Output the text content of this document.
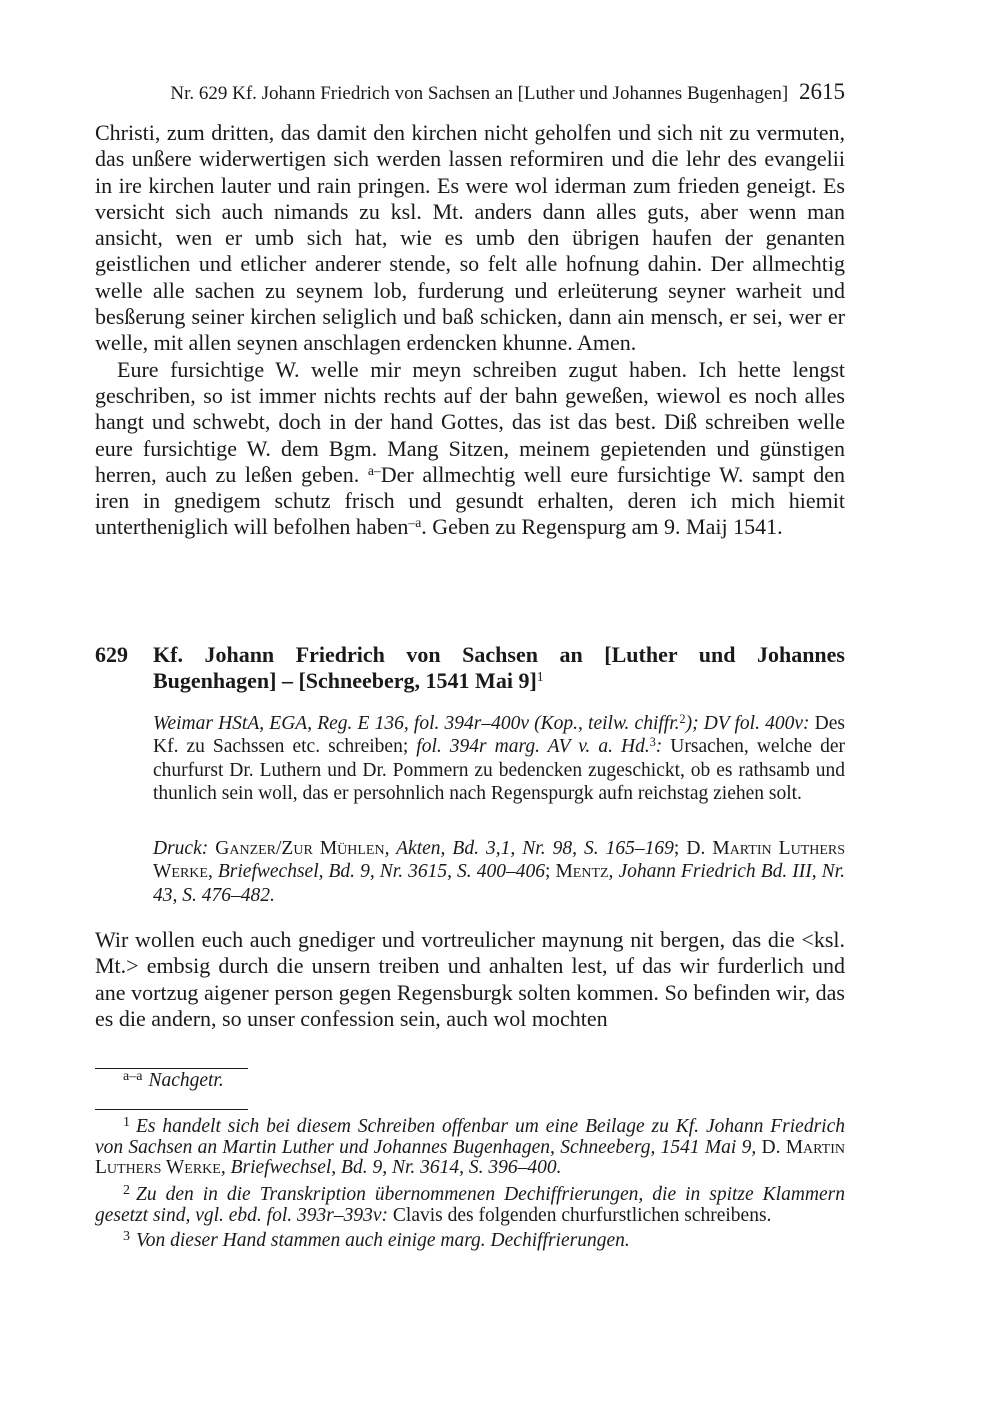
Nr. 629 Kf. Johann Friedrich von Sachsen an [Luther und Johannes Bugenhagen] 2615

Christi, zum dritten, das damit den kirchen nicht geholfen und sich nit zu vermuten, das unßere widerwertigen sich werden lassen reformiren und die lehr des evangelii in ire kirchen lauter und rain pringen. Es were wol iderman zum frieden geneigt. Es versicht sich auch nimands zu ksl. Mt. anders dann alles guts, aber wenn man ansicht, wen er umb sich hat, wie es umb den übrigen haufen der genanten geistlichen und etlicher anderer stende, so felt alle hofnung dahin. Der allmechtig welle alle sachen zu seynem lob, furderung und erleüterung seyner warheit und besßerung seiner kirchen seliglich und baß schicken, dann ain mensch, er sei, wer er welle, mit allen seynen anschlagen erdencken khunne. Amen.

Eure fursichtige W. welle mir meyn schreiben zugut haben. Ich hette lengst geschriben, so ist immer nichts rechts auf der bahn geweßen, wiewol es noch alles hangt und schwebt, doch in der hand Gottes, das ist das best. Diß schreiben welle eure fursichtige W. dem Bgm. Mang Sitzen, meinem gepietenden und günstigen herren, auch zu leßen geben. $^{a-}$Der allmechtig well eure fursichtige W. sampt den iren in gnedigem schutz frisch und gesundt erhalten, deren ich mich hiemit untertheniglich will befolhen haben$^{-a}$. Geben zu Regenspurg am 9. Maij 1541.

629	Kf. Johann Friedrich von Sachsen an [Luther und Johannes Bugenhagen] – [Schneeberg, 1541 Mai 9]$^1$

Weimar HStA, EGA, Reg. E 136, fol. 394r–400v (Kop., teilw. chiffr.$^2$); DV fol. 400v: Des Kf. zu Sachssen etc. schreiben; fol. 394r marg. AV v. a. Hd.$^3$: Ursachen, welche der churfurst Dr. Luthern und Dr. Pommern zu bedencken zugeschickt, ob es rathsamb und thunlich sein woll, das er persohnlich nach Regenspurgk aufn reichstag ziehen solt.

Druck: Ganzer/Zur Mühlen, Akten, Bd. 3,1, Nr. 98, S. 165–169; D. Martin Luthers Werke, Briefwechsel, Bd. 9, Nr. 3615, S. 400–406; Mentz, Johann Friedrich Bd. III, Nr. 43, S. 476–482.

Wir wollen euch auch gnediger und vortreulicher maynung nit bergen, das die <ksl. Mt.> embsig durch die unsern treiben und anhalten lest, uf das wir furderlich und ane vortzug aigener person gegen Regensburgk solten kommen. So befinden wir, das es die andern, so unser confession sein, auch wol mochten

$^{a-a}$ Nachgetr.

$^1$ Es handelt sich bei diesem Schreiben offenbar um eine Beilage zu Kf. Johann Friedrich von Sachsen an Martin Luther und Johannes Bugenhagen, Schneeberg, 1541 Mai 9, D. Martin Luthers Werke, Briefwechsel, Bd. 9, Nr. 3614, S. 396–400.

$^2$ Zu den in die Transkription übernommenen Dechiffrierungen, die in spitze Klammern gesetzt sind, vgl. ebd. fol. 393r–393v: Clavis des folgenden churfurstlichen schreibens.

$^3$ Von dieser Hand stammen auch einige marg. Dechiffrierungen.
